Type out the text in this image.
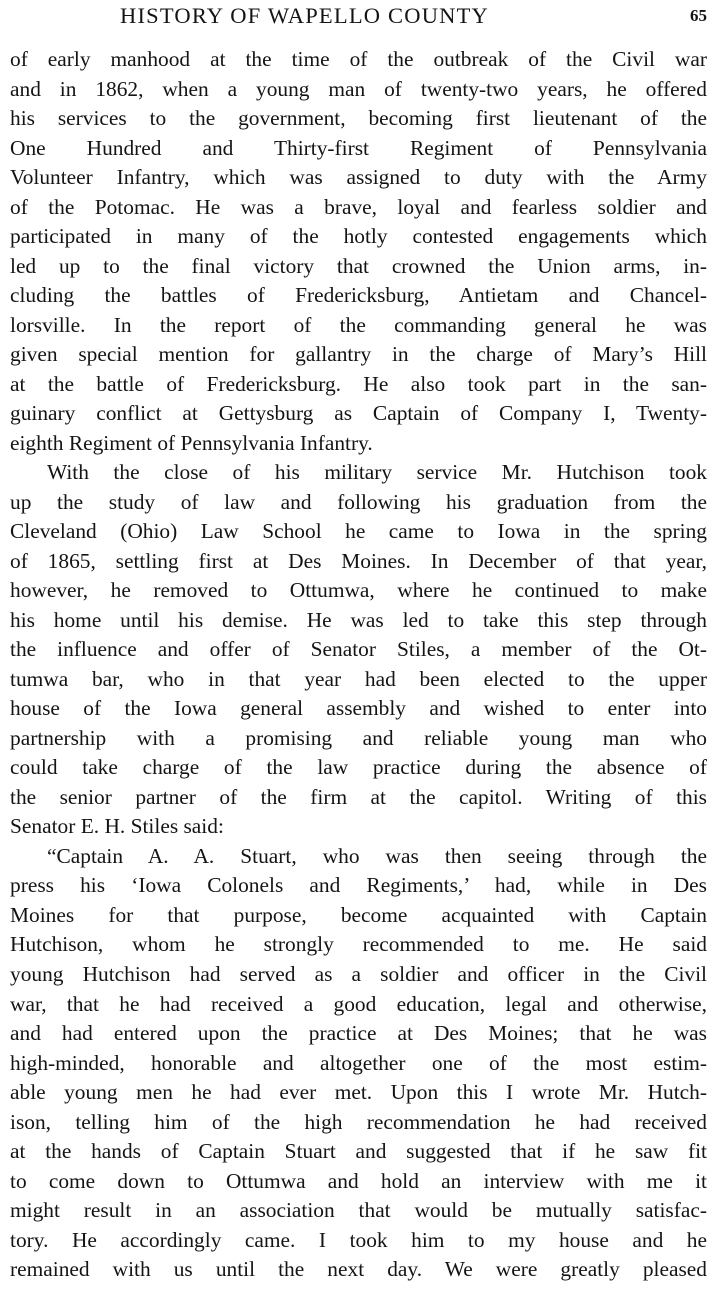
HISTORY OF WAPELLO COUNTY	65
of early manhood at the time of the outbreak of the Civil war
and in 1862, when a young man of twenty-two years, he offered
his services to the government, becoming first lieutenant of the
One Hundred and Thirty-first Regiment of Pennsylvania
Volunteer Infantry, which was assigned to duty with the Army
of the Potomac. He was a brave, loyal and fearless soldier and
participated in many of the hotly contested engagements which
led up to the final victory that crowned the Union arms, in-
cluding the battles of Fredericksburg, Antietam and Chancel-
lorsville. In the report of the commanding general he was
given special mention for gallantry in the charge of Mary’s Hill
at the battle of Fredericksburg. He also took part in the san-
guinary conflict at Gettysburg as Captain of Company I, Twenty-
eighth Regiment of Pennsylvania Infantry.
With the close of his military service Mr. Hutchison took
up the study of law and following his graduation from the
Cleveland (Ohio) Law School he came to Iowa in the spring
of 1865, settling first at Des Moines. In December of that year,
however, he removed to Ottumwa, where he continued to make
his home until his demise. He was led to take this step through
the influence and offer of Senator Stiles, a member of the Ot-
tumwa bar, who in that year had been elected to the upper
house of the Iowa general assembly and wished to enter into
partnership with a promising and reliable young man who
could take charge of the law practice during the absence of
the senior partner of the firm at the capitol. Writing of this
Senator E. H. Stiles said:
“Captain A. A. Stuart, who was then seeing through the
press his ‘Iowa Colonels and Regiments,’ had, while in Des
Moines for that purpose, become acquainted with Captain
Hutchison, whom he strongly recommended to me. He said
young Hutchison had served as a soldier and officer in the Civil
war, that he had received a good education, legal and otherwise,
and had entered upon the practice at Des Moines; that he was
high-minded, honorable and altogether one of the most estim-
able young men he had ever met. Upon this I wrote Mr. Hutch-
ison, telling him of the high recommendation he had received
at the hands of Captain Stuart and suggested that if he saw fit
to come down to Ottumwa and hold an interview with me it
might result in an association that would be mutually satisfac-
tory. He accordingly came. I took him to my house and he
remained with us until the next day. We were greatly pleased
